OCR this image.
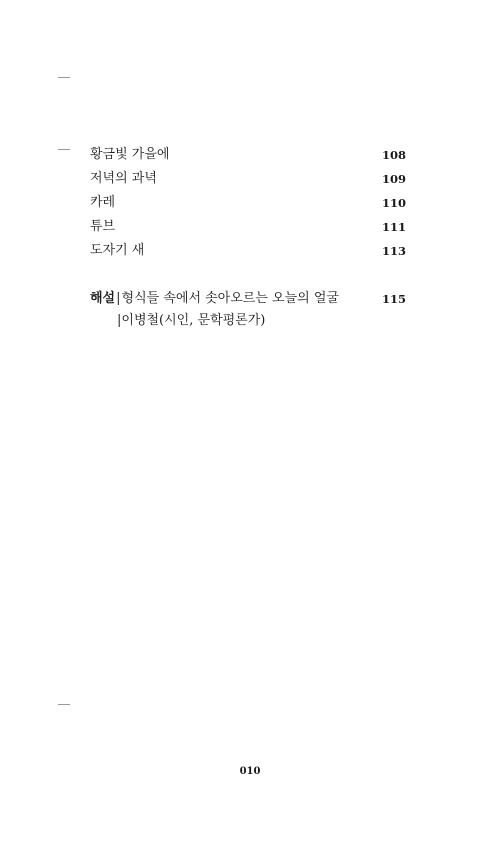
황금빛 가을에	108
저녁의 과녁	109
카레	110
튜브	111
도자기 새	113
해설|형식들 속에서 솟아오르는 오늘의 얼굴	115
|이병철(시인, 문학평론가)
010
